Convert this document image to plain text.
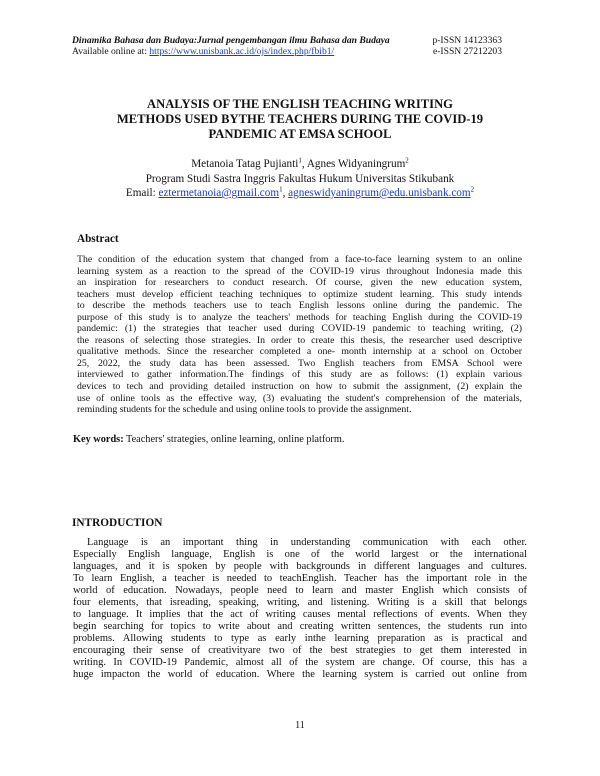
Dinamika Bahasa dan Budaya:Jurnal pengembangan ilmu Bahasa dan Budaya	p-ISSN 14123363
Available online at: https://www.unisbank.ac.id/ojs/index.php/fbib1/	e-ISSN 27212203
ANALYSIS OF THE ENGLISH TEACHING WRITING
METHODS USED BYTHE TEACHERS DURING THE COVID-19
PANDEMIC AT EMSA SCHOOL
Metanoia Tatag Pujianti$^1$, Agnes Widyaningrum$^2$
Program Studi Sastra Inggris Fakultas Hukum Universitas Stikubank
Email: eztermetanoia@gmail.com$^1$, agneswidyaningrum@edu.unisbank.com$^2$
Abstract
The condition of the education system that changed from a face-to-face learning system to an online
learning system as a reaction to the spread of the COVID-19 virus throughout Indonesia made this
an inspiration for researchers to conduct research. Of course, given the new education system,
teachers must develop efficient teaching techniques to optimize student learning. This study intends
to describe the methods teachers use to teach English lessons online during the pandemic. The
purpose of this study is to analyze the teachers' methods for teaching English during the COVID-19
pandemic: (1) the strategies that teacher used during COVID-19 pandemic to teaching writing, (2)
the reasons of selecting those strategies. In order to create this thesis, the researcher used descriptive
qualitative methods. Since the researcher completed a one- month internship at a school on October
25, 2022, the study data has been assessed. Two English teachers from EMSA School were
interviewed to gather information.The findings of this study are as follows: (1) explain various
devices to tech and providing detailed instruction on how to submit the assignment, (2) explain the
use of online tools as the effective way, (3) evaluating the student's comprehension of the materials,
reminding students for the schedule and using online tools to provide the assignment.
Key words: Teachers' strategies, online learning, online platform.
INTRODUCTION
Language is an important thing in understanding communication with each other.
Especially English language, English is one of the world largest or the international
languages, and it is spoken by people with backgrounds in different languages and cultures.
To learn English, a teacher is needed to teachEnglish. Teacher has the important role in the
world of education. Nowadays, people need to learn and master English which consists of
four elements, that isreading, speaking, writing, and listening. Writing is a skill that belongs
to language. It implies that the act of writing causes mental reflections of events. When they
begin searching for topics to write about and creating written sentences, the students run into
problems. Allowing students to type as early inthe learning preparation as is practical and
encouraging their sense of creativityare two of the best strategies to get them interested in
writing. In COVID-19 Pandemic, almost all of the system are change. Of course, this has a
huge impacton the world of education. Where the learning system is carried out online from
11
